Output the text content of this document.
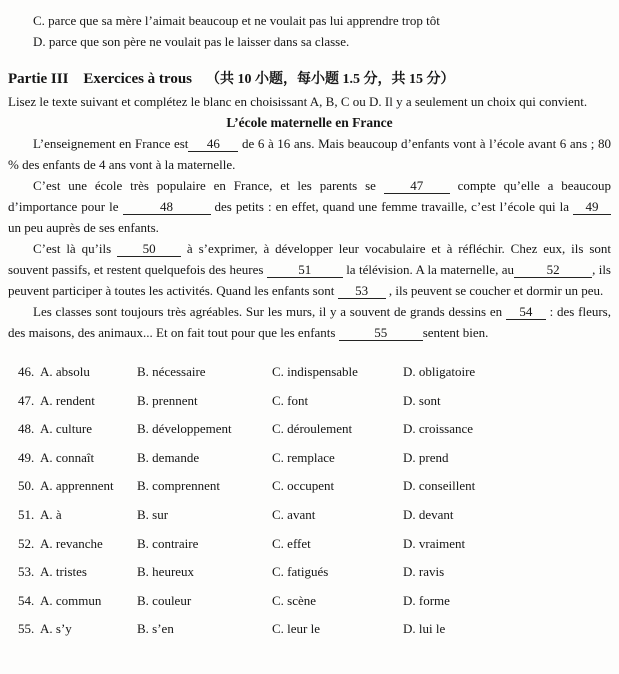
C. parce que sa mère l’aimait beaucoup et ne voulait pas lui apprendre trop tôt
D. parce que son père ne voulait pas le laisser dans sa classe.
Partie III Exercices à trous （共 10 小题，每小题 1.5 分，共 15 分）
Lisez le texte suivant et complétez le blanc en choisissant A, B, C ou D. Il y a seulement un choix qui convient.
L’école maternelle en France

L’enseignement en France est 46 de 6 à 16 ans. Mais beaucoup d’enfants vont à l’école avant 6 ans ; 80 % des enfants de 4 ans vont à la maternelle.

C’est une école très populaire en France, et les parents se 47 compte qu’elle a beaucoup d’importance pour le	48	des petits : en effet, quand une femme travaille, c’est l’école qui la 49 un peu auprès de ses enfants.

C’est là qu’ils 50 à s’exprimer, à développer leur vocabulaire et à réfléchir. Chez eux, ils sont souvent passifs, et restent quelquefois des heures 51 la télévision. A la maternelle, au	52	, ils peuvent participer à toutes les activités. Quand les enfants sont 53 , ils peuvent se coucher et dormir un peu.

Les classes sont toujours très agréables. Sur les murs, il y a souvent de grands dessins en 54 : des fleurs, des maisons, des animaux... Et on fait tout pour que les enfants	55	sentent bien.

46. A. absolu	B. nécessaire	C. indispensable	D. obligatoire
47. A. rendent	B. prennent	C. font	D. sont
48. A. culture	B. développement	C. déroulement	D. croissance
49. A. connaît	B. demande	C. remplace	D. prend
50. A. apprennent	B. comprennent	C. occupent	D. conseillent
51. A. à	B. sur	C. avant	D. devant
52. A. revanche	B. contraire	C. effet	D. vraiment
53. A. tristes	B. heureux	C. fatigués	D. ravis
54. A. commun	B. couleur	C. scène	D. forme
55. A. s’y	B. s’en	C. leur le	D. lui le
